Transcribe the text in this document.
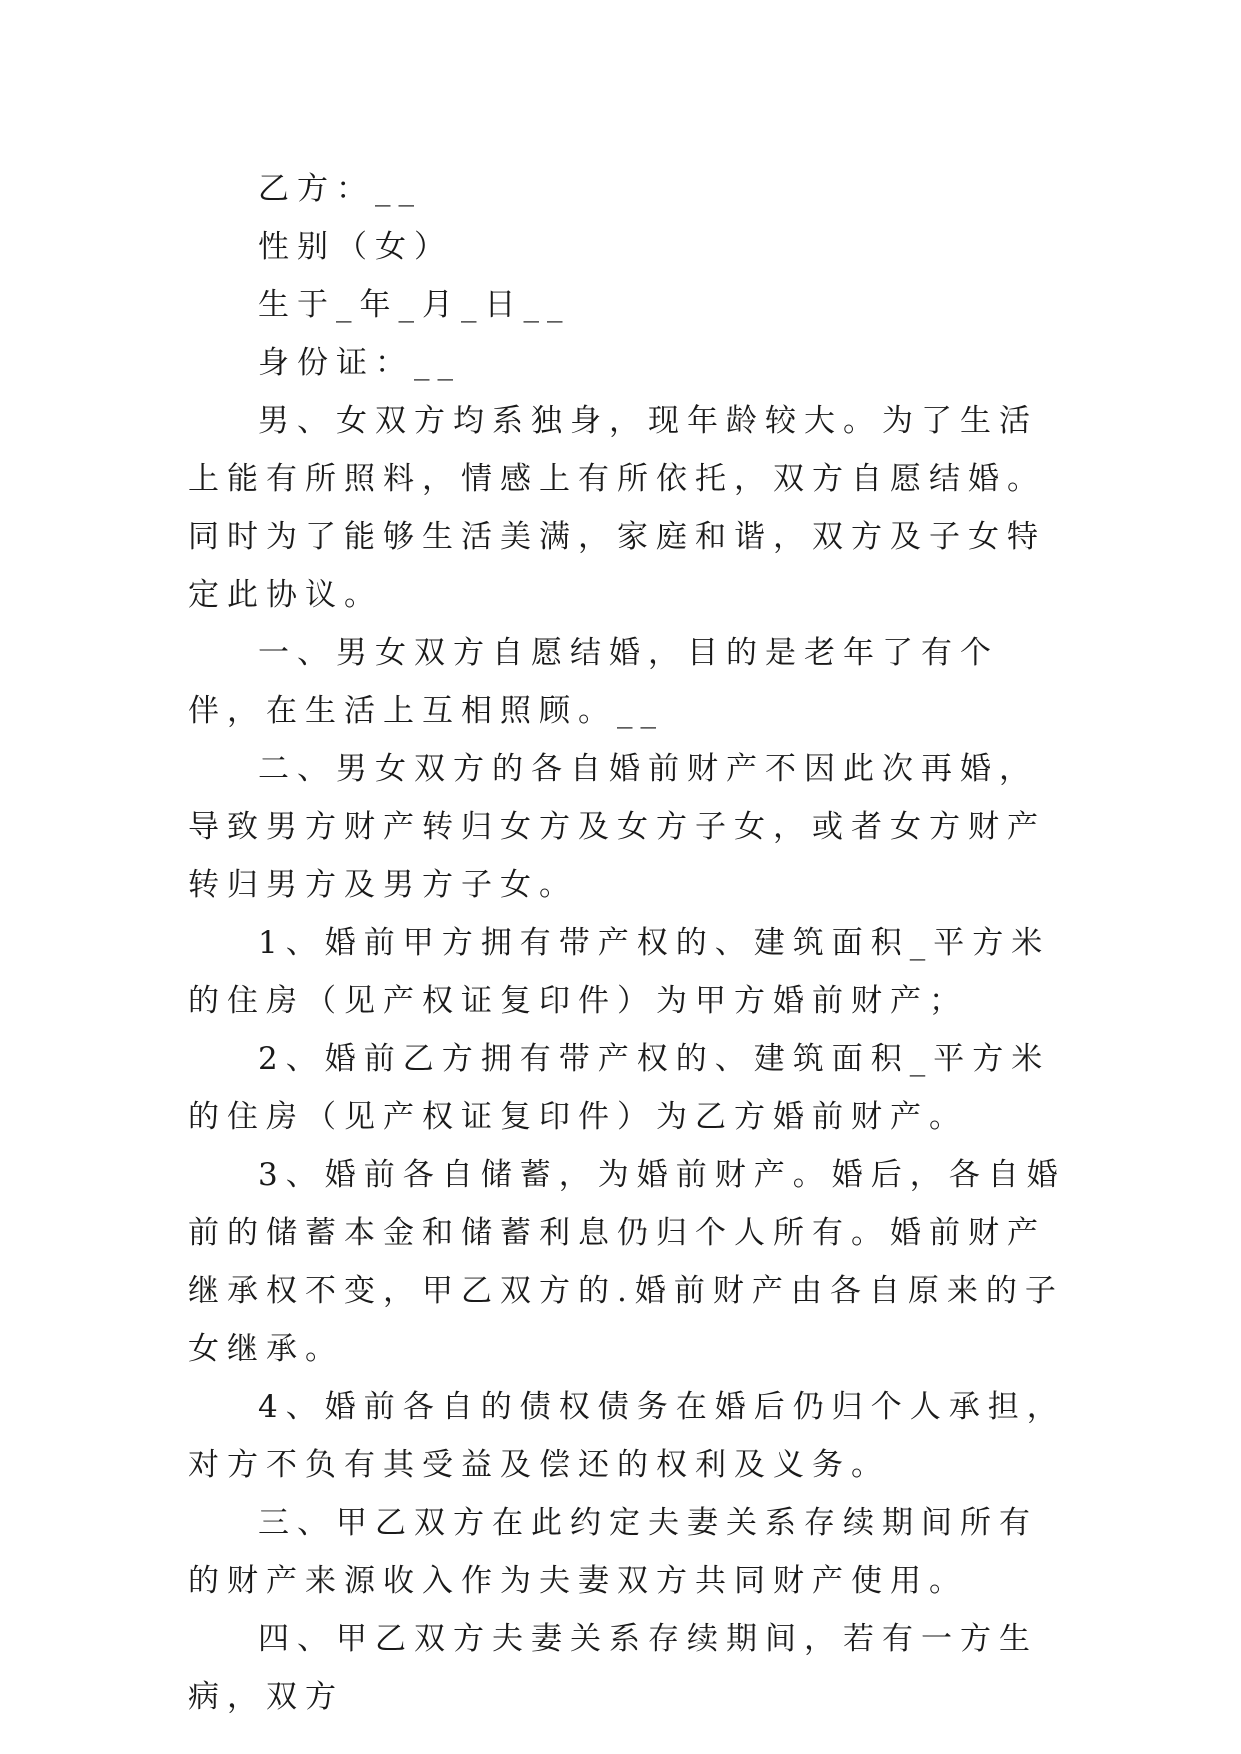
乙方：__

性别（女）

生于_年_月_日__

身份证：__

男、女双方均系独身，现年龄较大。为了生活上能有所照料，情感上有所依托，双方自愿结婚。同时为了能够生活美满，家庭和谐，双方及子女特定此协议。

一、男女双方自愿结婚，目的是老年了有个伴，在生活上互相照顾。__

二、男女双方的各自婚前财产不因此次再婚，导致男方财产转归女方及女方子女，或者女方财产转归男方及男方子女。

1、婚前甲方拥有带产权的、建筑面积_平方米的住房（见产权证复印件）为甲方婚前财产；

2、婚前乙方拥有带产权的、建筑面积_平方米的住房（见产权证复印件）为乙方婚前财产。

3、婚前各自储蓄，为婚前财产。婚后，各自婚前的储蓄本金和储蓄利息仍归个人所有。婚前财产继承权不变，甲乙双方的.婚前财产由各自原来的子女继承。

4、婚前各自的债权债务在婚后仍归个人承担，对方不负有其受益及偿还的权利及义务。

三、甲乙双方在此约定夫妻关系存续期间所有的财产来源收入作为夫妻双方共同财产使用。

四、甲乙双方夫妻关系存续期间，若有一方生病，双方
